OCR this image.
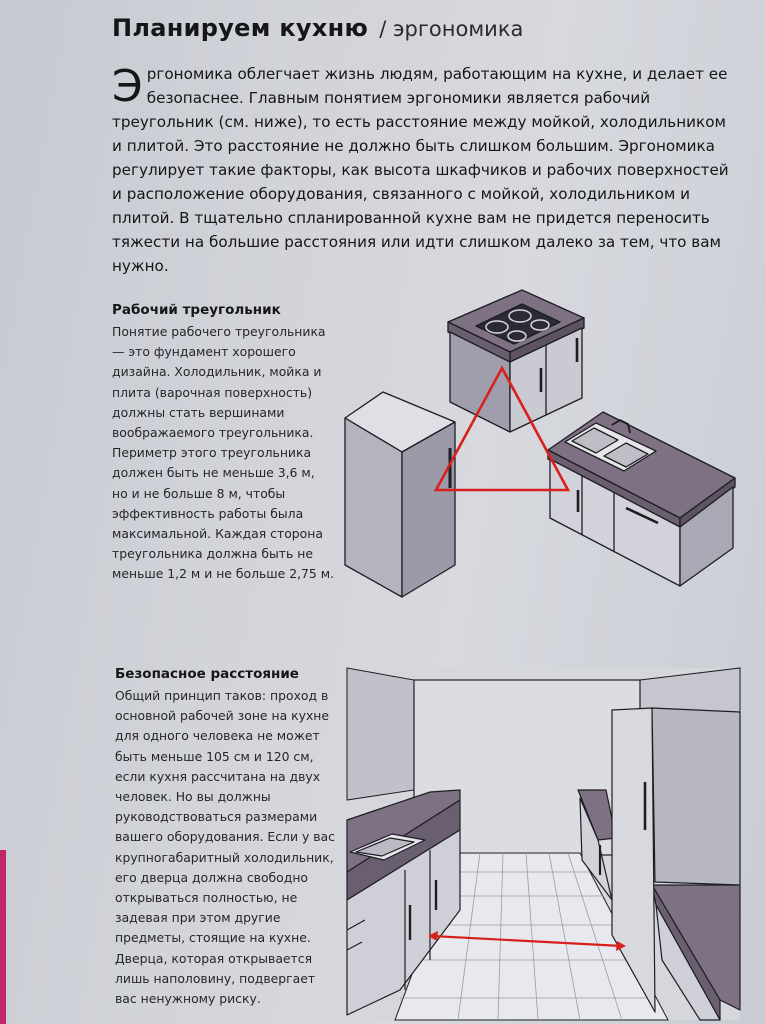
Планируем кухню / эргономика
Э ргономика облегчает жизнь людям, работающим на кухне, и делает ее безопаснее. Главным понятием эргономики является рабочий треугольник (см. ниже), то есть расстояние между мойкой, холодильником и плитой. Это расстояние не должно быть слишком большим. Эргономика регулирует такие факторы, как высота шкафчиков и рабочих поверхностей и расположение оборудования, связанного с мойкой, холодильником и плитой. В тщательно спланированной кухне вам не придется переносить тяжести на большие расстояния или идти слишком далеко за тем, что вам нужно.
Рабочий треугольник
Понятие рабочего треугольника — это фундамент хорошего дизайна. Холодильник, мойка и плита (варочная поверхность) должны стать вершинами воображаемого треугольника. Периметр этого треугольника должен быть не меньше 3,6 м, но и не больше 8 м, чтобы эффективность работы была максимальной. Каждая сторона треугольника должна быть не меньше 1,2 м и не больше 2,75 м.
Безопасное расстояние
Общий принцип таков: проход в основной рабочей зоне на кухне для одного человека не может быть меньше 105 см и 120 см, если кухня рассчитана на двух человек. Но вы должны руководствоваться размерами вашего оборудования. Если у вас крупногабаритный холодильник, его дверца должна свободно открываться полностью, не задевая при этом другие предметы, стоящие на кухне. Дверца, которая открывается лишь наполовину, подвергает вас ненужному риску.
